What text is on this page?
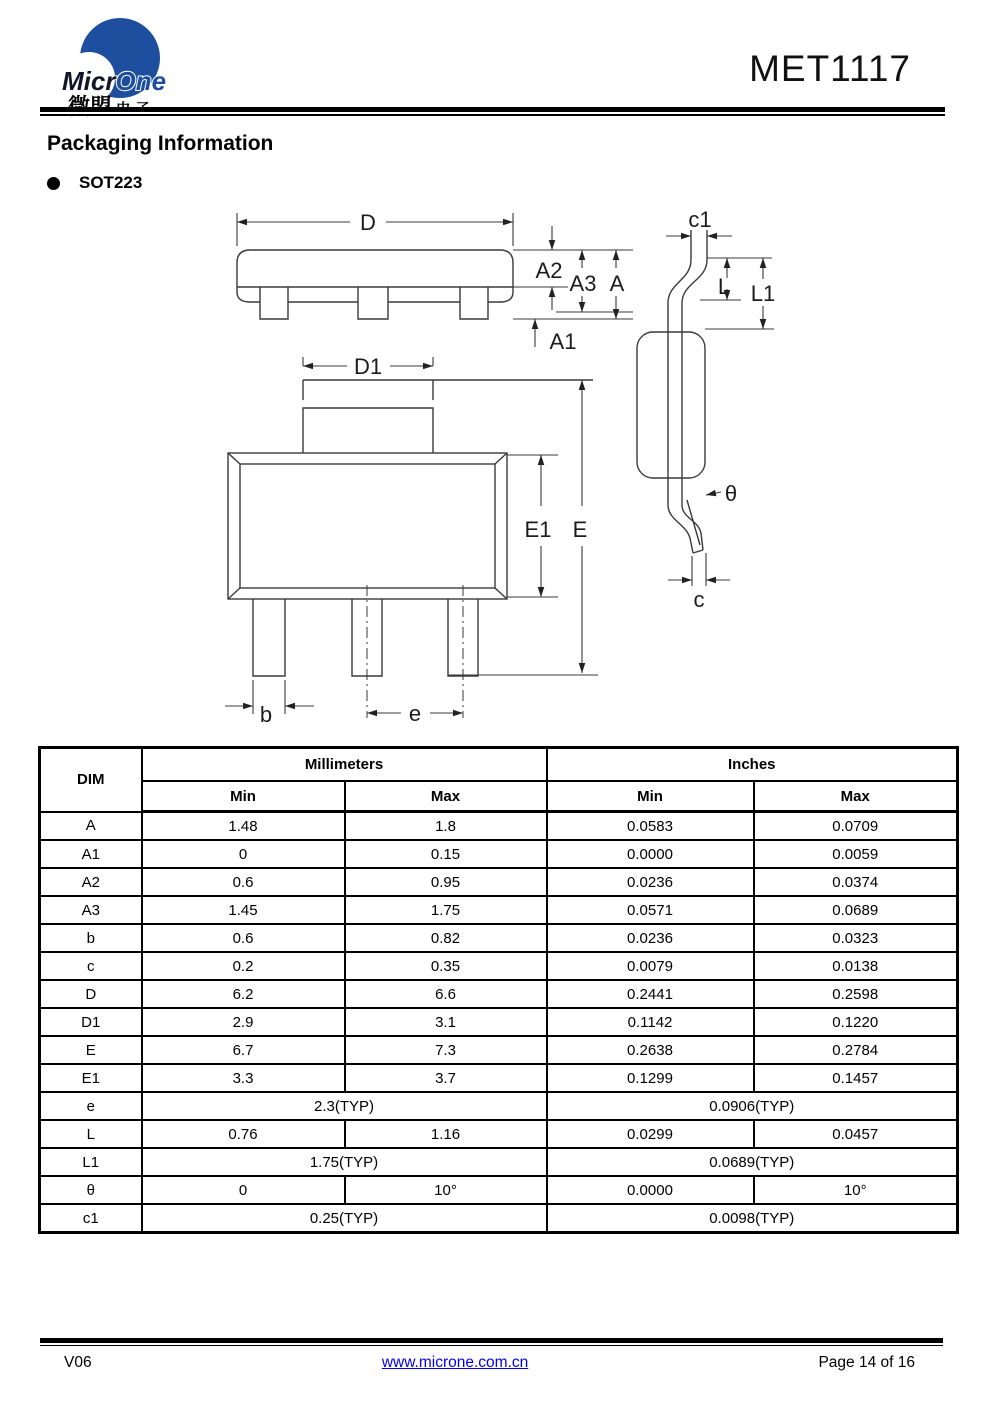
MicrOne	MET1117
Packaging Information
SOT223
D
A2
A3 A
A1
c1
L L1
θ
c
D1
E1 E
b	e
DIM	Millimeters		Inches	
	Min	Max	Min	Max
A	1.48	1.8	0.0583	0.0709
A1	0	0.15	0.0000	0.0059
A2	0.6	0.95	0.0236	0.0374
A3	1.45	1.75	0.0571	0.0689
b	0.6	0.82	0.0236	0.0323
c	0.2	0.35	0.0079	0.0138
D	6.2	6.6	0.2441	0.2598
D1	2.9	3.1	0.1142	0.1220
E	6.7	7.3	0.2638	0.2784
E1	3.3	3.7	0.1299	0.1457
e	2.3(TYP)		0.0906(TYP)	
L	0.76	1.16	0.0299	0.0457
L1	1.75(TYP)		0.0689(TYP)	
θ	0	10°	0.0000	10°
c1	0.25(TYP)		0.0098(TYP)	
V06	www.microne.com.cn	Page 14 of 16
